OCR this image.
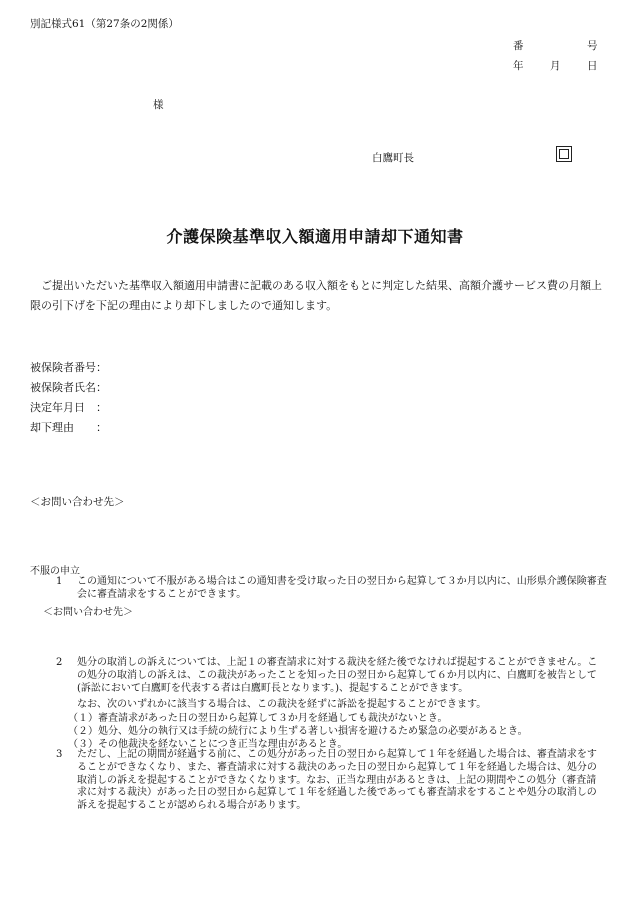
別記様式61（第27条の2関係）
番	号
年	月	日
様
白鷹町長
介護保険基準収入額適用申請却下通知書
ご提出いただいた基準収入額適用申請書に記載のある収入額をもとに判定した結果、高額介護サービス費の月額上限の引下げを下記の理由により却下しましたので通知します。
被保険者番号：
被保険者氏名：
決定年月日　：
却下理由　　：
＜お問い合わせ先＞
不服の申立
1 この通知について不服がある場合はこの通知書を受け取った日の翌日から起算して３か月以内に、山形県介護保険審査会に審査請求をすることができます。
＜お問い合わせ先＞
2 処分の取消しの訴えについては、上記１の審査請求に対する裁決を経た後でなければ提起することができません。この処分の取消しの訴えは、この裁決があったことを知った日の翌日から起算して６か月以内に、白鷹町を被告として(訴訟において白鷹町を代表する者は白鷹町長となります。)、提起することができます。
なお、次のいずれかに該当する場合は、この裁決を経ずに訴訟を提起することができます。
（１）審査請求があった日の翌日から起算して３か月を経過しても裁決がないとき。
（２）処分、処分の執行又は手続の続行により生ずる著しい損害を避けるため緊急の必要があるとき。
（３）その他裁決を経ないことにつき正当な理由があるとき。
3 ただし、上記の期間が経過する前に、この処分があった日の翌日から起算して１年を経過した場合は、審査請求をすることができなくなり、また、審査請求に対する裁決のあった日の翌日から起算して１年を経過した場合は、処分の取消しの訴えを提起することができなくなります。なお、正当な理由があるときは、上記の期間やこの処分（審査請求に対する裁決）があった日の翌日から起算して１年を経過した後であっても審査請求をすることや処分の取消しの訴えを提起することが認められる場合があります。
